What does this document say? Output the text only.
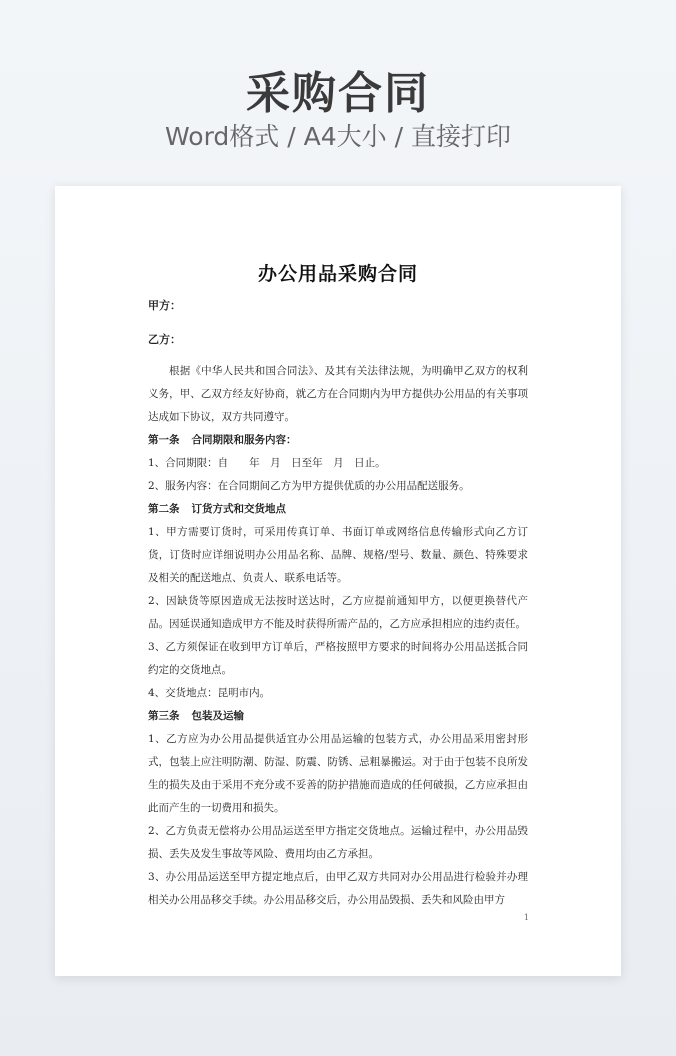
采购合同
Word格式 / A4大小 / 直接打印
办公用品采购合同
甲方：
乙方：

根据《中华人民共和国合同法》、及其有关法律法规，为明确甲乙双方的权利义务，甲、乙双方经友好协商，就乙方在合同期内为甲方提供办公用品的有关事项达成如下协议，双方共同遵守。

第一条 合同期限和服务内容：

1、合同期限：自　　年　月　日至年　月　日止。

2、服务内容：在合同期间乙方为甲方提供优质的办公用品配送服务。

第二条 订货方式和交货地点

1、甲方需要订货时，可采用传真订单、书面订单或网络信息传输形式向乙方订货，订货时应详细说明办公用品名称、品牌、规格/型号、数量、颜色、特殊要求及相关的配送地点、负责人、联系电话等。

2、因缺货等原因造成无法按时送达时，乙方应提前通知甲方，以便更换替代产品。因延误通知造成甲方不能及时获得所需产品的，乙方应承担相应的违约责任。

3、乙方须保证在收到甲方订单后，严格按照甲方要求的时间将办公用品送抵合同约定的交货地点。

4、交货地点：昆明市内。

第三条 包装及运输

1、乙方应为办公用品提供适宜办公用品运输的包装方式，办公用品采用密封形式，包装上应注明防潮、防湿、防震、防锈、忌粗暴搬运。对于由于包装不良所发生的损失及由于采用不充分或不妥善的防护措施而造成的任何破损，乙方应承担由此而产生的一切费用和损失。

2、乙方负责无偿将办公用品运送至甲方指定交货地点。运输过程中，办公用品毁损、丢失及发生事故等风险、费用均由乙方承担。

3、办公用品运送至甲方提定地点后，由甲乙双方共同对办公用品进行检验并办理相关办公用品移交手续。办公用品移交后，办公用品毁损、丢失和风险由甲方

1
